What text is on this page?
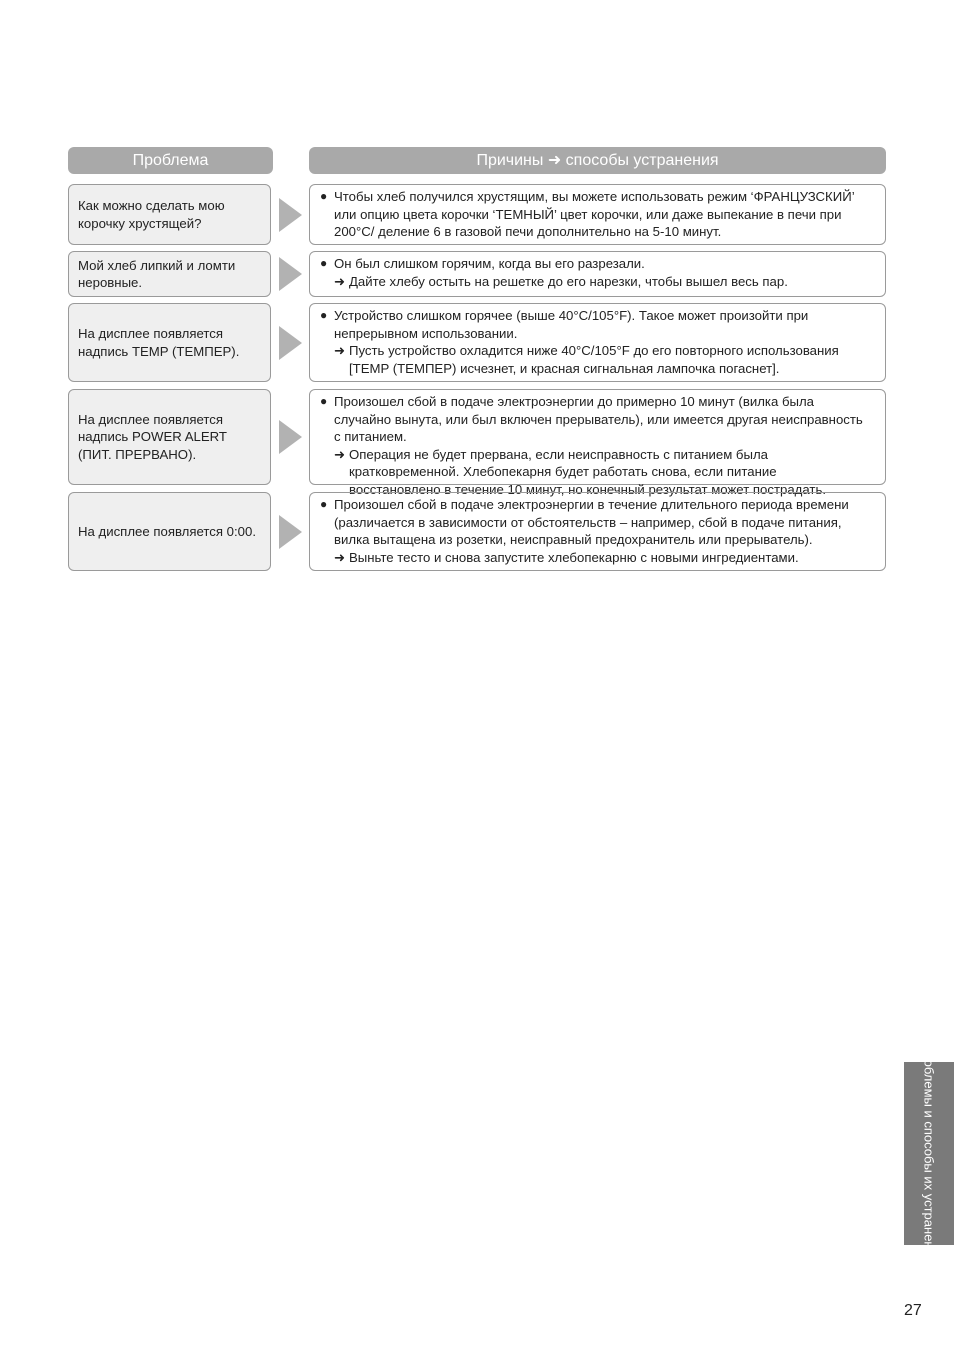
Проблема	Причины ➜ способы устранения
Как можно сделать мою корочку хрустящей?
● Чтобы хлеб получился хрустящим, вы можете использовать режим ‘ФРАНЦУЗСКИЙ’ или опцию цвета корочки ‘ТЕМНЫЙ’ цвет корочки, или даже выпекание в печи при 200°C/ деление 6 в газовой печи дополнительно на 5-10 минут.
Мой хлеб липкий и ломти неровные.
● Он был слишком горячим, когда вы его разрезали.
➜ Дайте хлебу остыть на решетке до его нарезки, чтобы вышел весь пар.
На дисплее появляется надпись TEMP (ТЕМПЕР).
● Устройство слишком горячее (выше 40°C/105°F). Такое может произойти при непрерывном использовании.
➜ Пусть устройство охладится ниже 40°C/105°F до его повторного использования [TEMP (ТЕМПЕР) исчезнет, и красная сигнальная лампочка погаснет].
На дисплее появляется надпись POWER ALERT (ПИТ. ПРЕРВАНО).
● Произошел сбой в подаче электроэнергии до примерно 10 минут (вилка была случайно вынута, или был включен прерыватель), или имеется другая неисправность с питанием.
➜ Операция не будет прервана, если неисправность с питанием была кратковременной. Хлебопекарня будет работать снова, если питание восстановлено в течение 10 минут, но конечный результат может пострадать.
На дисплее появляется 0:00.
● Произошел сбой в подаче электроэнергии в течение длительного периода времени (различается в зависимости от обстоятельств – например, сбой в подаче питания, вилка вытащена из розетки, неисправный предохранитель или прерыватель).
➜ Выньте тесто и снова запустите хлебопекарню с новыми ингредиентами.
Проблемы и способы их устранения
27
